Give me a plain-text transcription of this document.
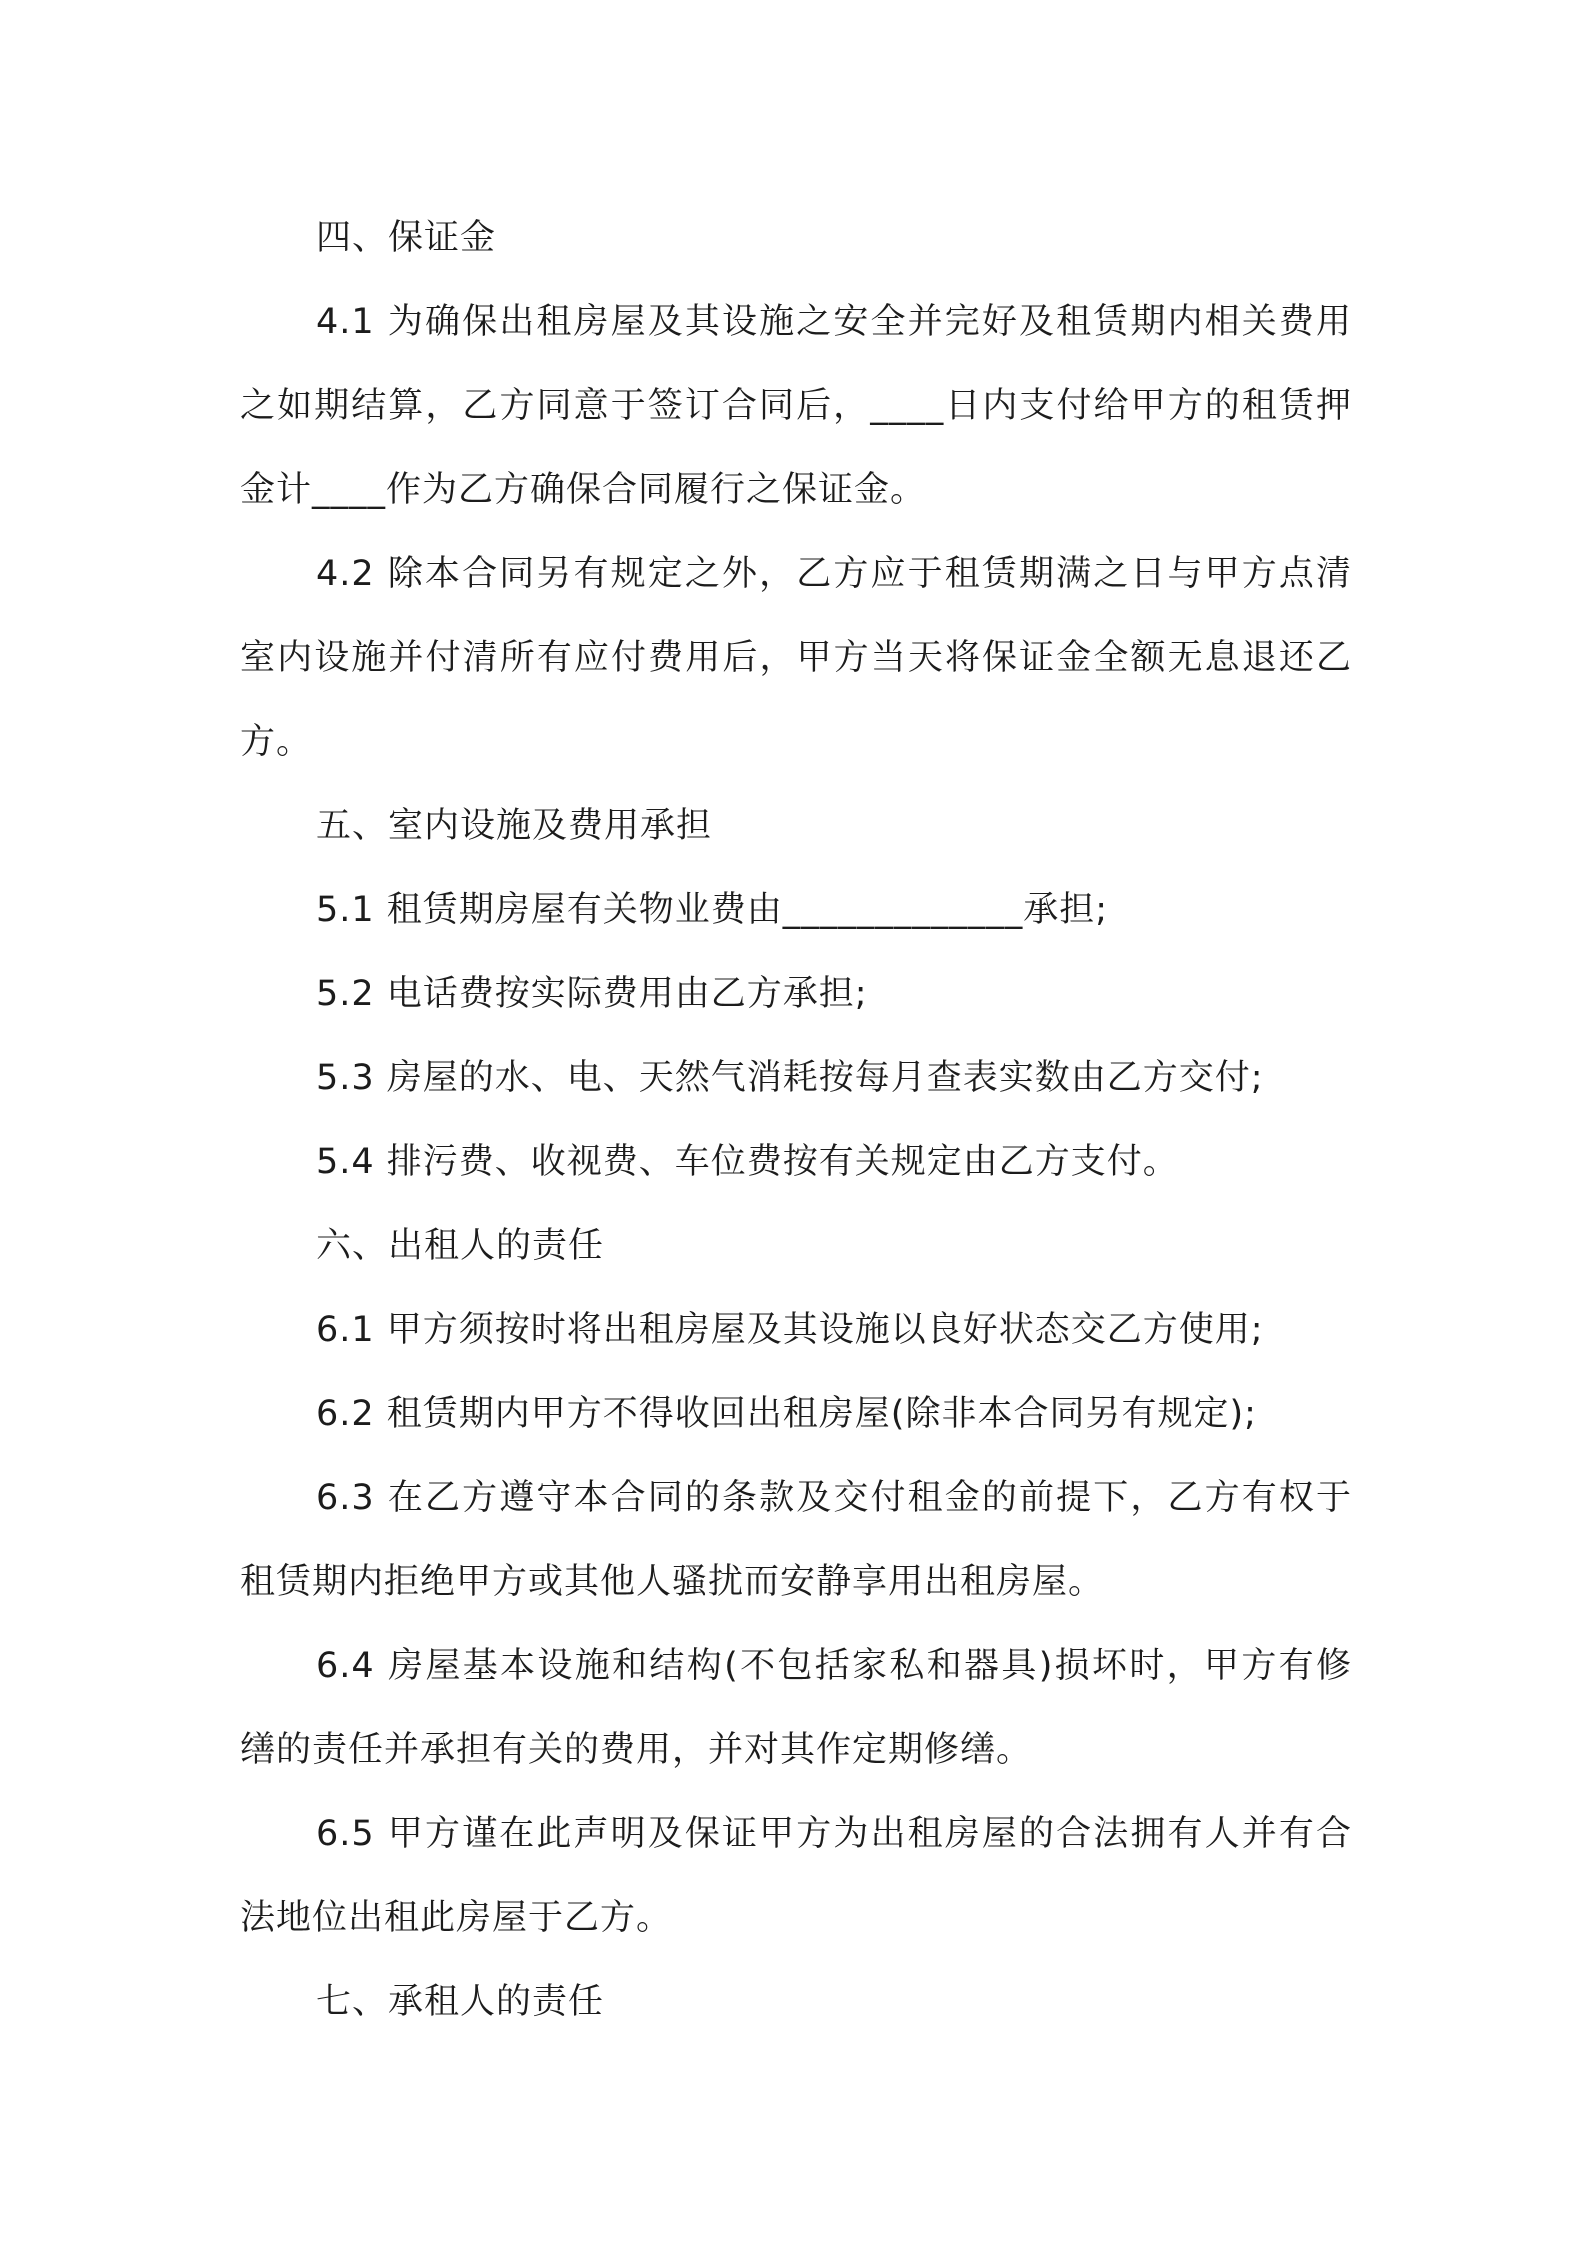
四、保证金

4.1 为确保出租房屋及其设施之安全并完好及租赁期内相关费用之如期结算，乙方同意于签订合同后，____日内支付给甲方的租赁押金计____作为乙方确保合同履行之保证金。

4.2 除本合同另有规定之外，乙方应于租赁期满之日与甲方点清室内设施并付清所有应付费用后，甲方当天将保证金全额无息退还乙方。

五、室内设施及费用承担

5.1 租赁期房屋有关物业费由_____________承担;

5.2 电话费按实际费用由乙方承担;

5.3 房屋的水、电、天然气消耗按每月查表实数由乙方交付;

5.4 排污费、收视费、车位费按有关规定由乙方支付。

六、出租人的责任

6.1 甲方须按时将出租房屋及其设施以良好状态交乙方使用;

6.2 租赁期内甲方不得收回出租房屋(除非本合同另有规定);

6.3 在乙方遵守本合同的条款及交付租金的前提下，乙方有权于租赁期内拒绝甲方或其他人骚扰而安静享用出租房屋。

6.4 房屋基本设施和结构(不包括家私和器具)损坏时，甲方有修缮的责任并承担有关的费用，并对其作定期修缮。

6.5 甲方谨在此声明及保证甲方为出租房屋的合法拥有人并有合法地位出租此房屋于乙方。

七、承租人的责任
